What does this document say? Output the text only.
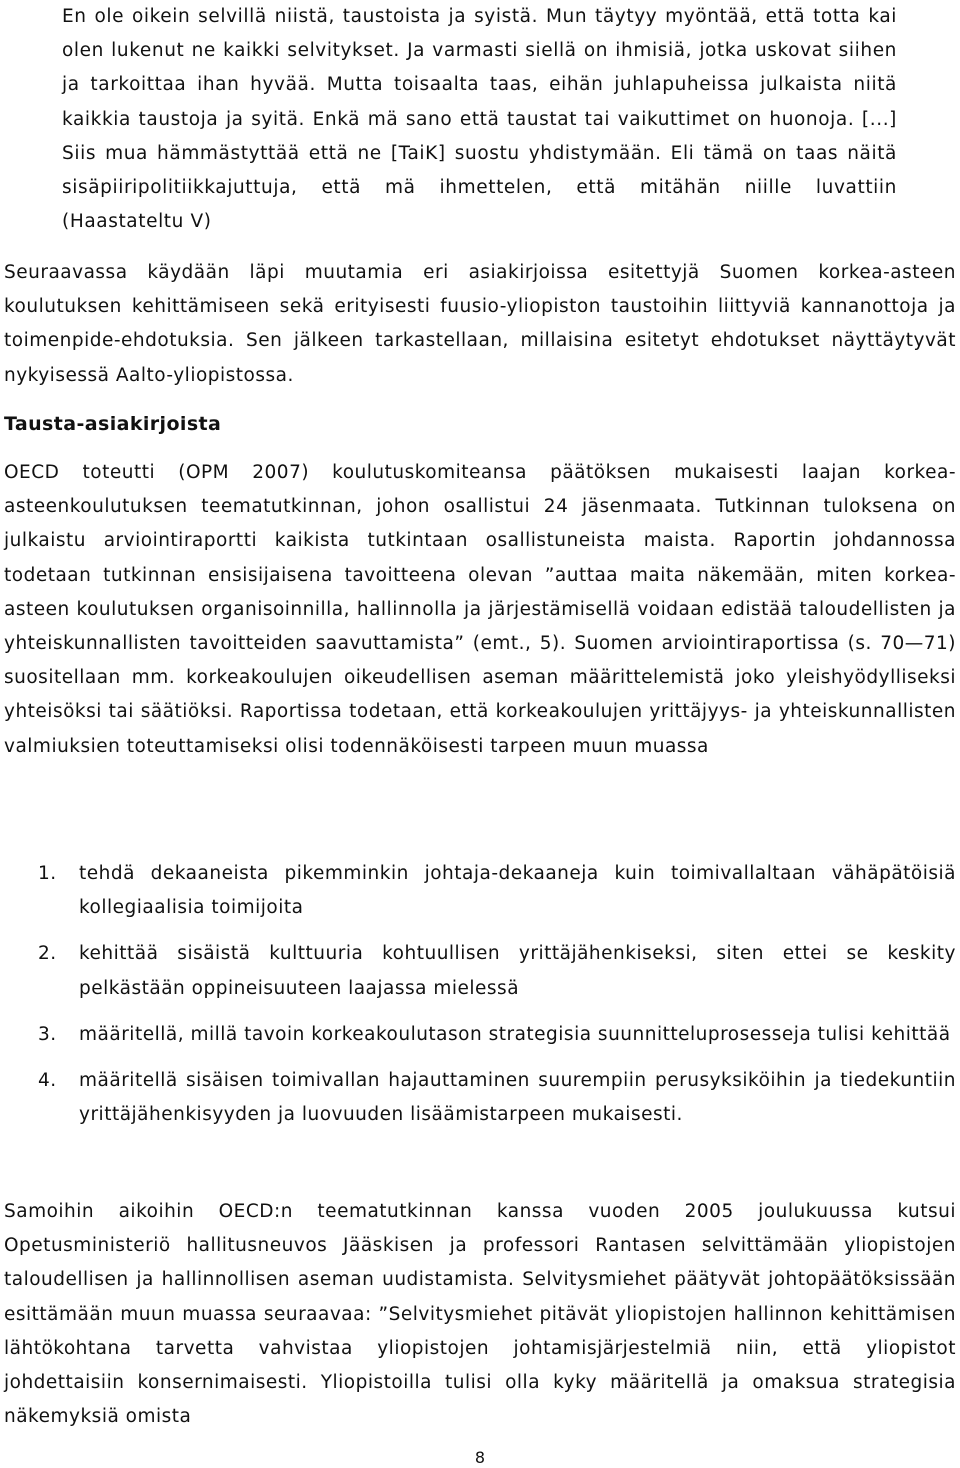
En ole oikein selvillä niistä, taustoista ja syistä. Mun täytyy myöntää, että totta kai olen lukenut ne kaikki selvitykset. Ja varmasti siellä on ihmisiä, jotka uskovat siihen ja tarkoittaa ihan hyvää. Mutta toisaalta taas, eihän juhlapuheissa julkaista niitä kaikkia taustoja ja syitä. Enkä mä sano että taustat tai vaikuttimet on huonoja. [...] Siis mua hämmästyttää että ne [TaiK] suostu yhdistymään. Eli tämä on taas näitä sisäpiiripolitiikkajuttuja, että mä ihmettelen, että mitähän niille luvattiin (Haastateltu V)

Seuraavassa käydään läpi muutamia eri asiakirjoissa esitettyjä Suomen korkea-asteen koulutuksen kehittämiseen sekä erityisesti fuusio-yliopiston taustoihin liittyviä kannanottoja ja toimenpide-ehdotuksia. Sen jälkeen tarkastellaan, millaisina esitetyt ehdotukset näyttäytyvät nykyisessä Aalto-yliopistossa.

Tausta-asiakirjoista

OECD toteutti (OPM 2007) koulutuskomiteansa päätöksen mukaisesti laajan korkea-asteenkoulutuksen teematutkinnan, johon osallistui 24 jäsenmaata. Tutkinnan tuloksena on julkaistu arviointiraportti kaikista tutkintaan osallistuneista maista. Raportin johdannossa todetaan tutkinnan ensisijaisena tavoitteena olevan ”auttaa maita näkemään, miten korkea-asteen koulutuksen organisoinnilla, hallinnolla ja järjestämisellä voidaan edistää taloudellisten ja yhteiskunnallisten tavoitteiden saavuttamista” (emt., 5). Suomen arviointiraportissa (s. 70—71) suositellaan mm. korkeakoulujen oikeudellisen aseman määrittelemistä joko yleishyödylliseksi yhteisöksi tai säätiöksi. Raportissa todetaan, että korkeakoulujen yrittäjyys- ja yhteiskunnallisten valmiuksien toteuttamiseksi olisi todennäköisesti tarpeen muun muassa

1. tehdä dekaaneista pikemminkin johtaja-dekaaneja kuin toimivallaltaan vähäpätöisiä kollegiaalisia toimijoita
2. kehittää sisäistä kulttuuria kohtuullisen yrittäjähenkiseksi, siten ettei se keskity pelkästään oppineisuuteen laajassa mielessä
3. määritellä, millä tavoin korkeakoulutason strategisia suunnitteluprosesseja tulisi kehittää
4. määritellä sisäisen toimivallan hajauttaminen suurempiin perusyksiköihin ja tiedekuntiin yrittäjähenkisyyden ja luovuuden lisäämistarpeen mukaisesti.

Samoihin aikoihin OECD:n teematutkinnan kanssa vuoden 2005 joulukuussa kutsui Opetusministeriö hallitusneuvos Jääskisen ja professori Rantasen selvittämään yliopistojen taloudellisen ja hallinnollisen aseman uudistamista. Selvitysmiehet päätyvät johtopäätöksissään esittämään muun muassa seuraavaa: ”Selvitysmiehet pitävät yliopistojen hallinnon kehittämisen lähtökohtana tarvetta vahvistaa yliopistojen johtamisjärjestelmiä niin, että yliopistot johdettaisiin konsernimaisesti. Yliopistoilla tulisi olla kyky määritellä ja omaksua strategisia näkemyksiä omista

8
